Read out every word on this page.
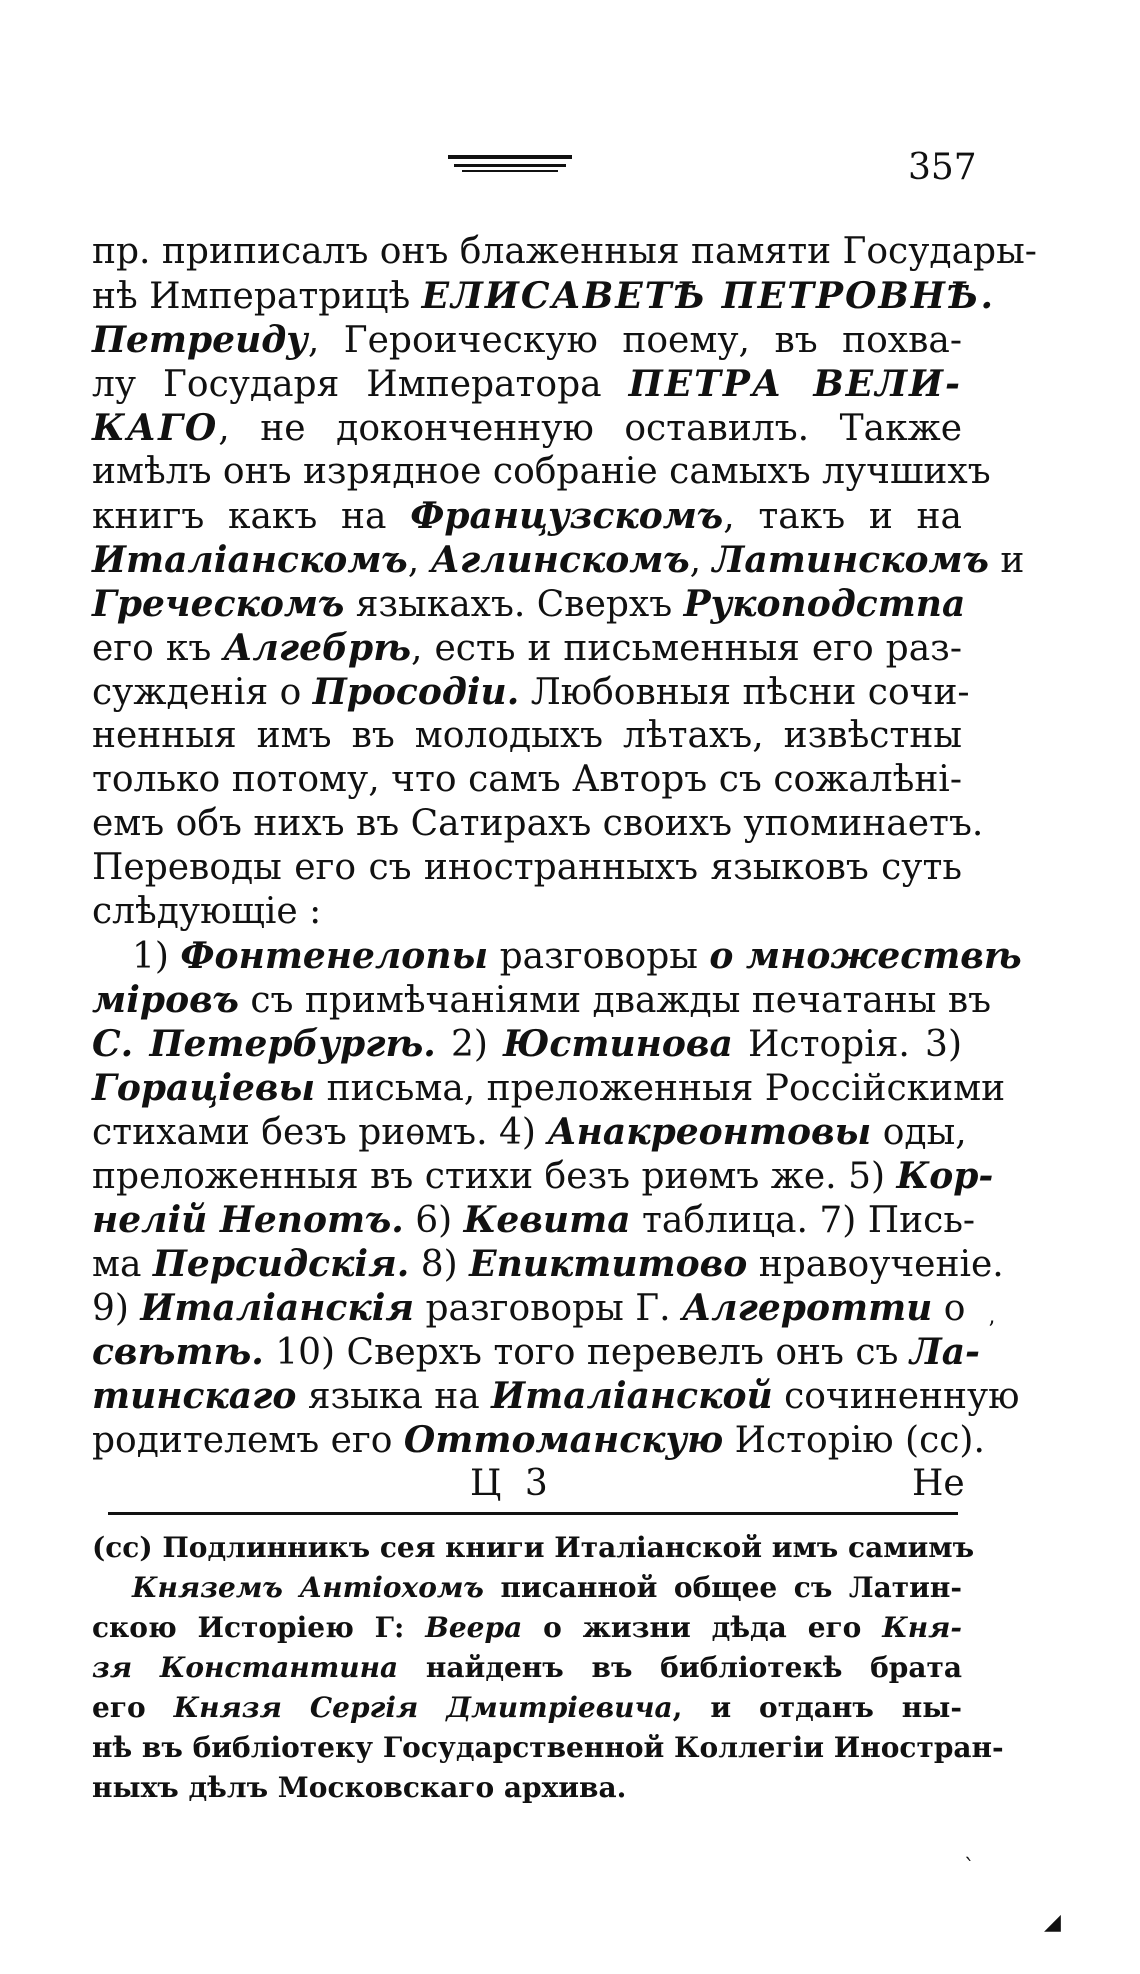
357
пр. приписалъ онъ блаженныя памяти Государы-
нѣ Императрицѣ ЕЛИСАВЕТѢ ПЕТРОВНѢ.
Петреиду, Героическую поему, въ похва-
лу Государя Императора ПЕТРА ВЕЛИ-
КАГО, не доконченную оставилъ. Также
имѣлъ онъ изрядное собраніе самыхъ лучшихъ
книгъ какъ на Французскомъ, такъ и на
Италіанскомъ, Аглинскомъ, Латинскомъ и
Греческомъ языкахъ. Сверхъ Рукоподстпа
его къ Алгебрѣ, есть и письменныя его раз-
сужденія о Просодіи. Любовныя пѣсни сочи-
ненныя имъ въ молодыхъ лѣтахъ, извѣстны
только потому, что самъ Авторъ съ сожалѣні-
емъ объ нихъ въ Сатирахъ своихъ упоминаетъ.
Переводы его съ иностранныхъ языковъ суть
слѣдующіе :
1) Фонтенелопы разговоры о множествѣ
міровъ съ примѣчаніями дважды печатаны въ
С. Петербургѣ. 2) Юстинова Исторія. 3)
Гораціевы письма, преложенныя Россійскими
стихами безъ риѳмъ. 4) Анакреонтовы оды,
преложенныя въ стихи безъ риѳмъ же. 5) Кор-
нелій Непотъ. 6) Кевита таблица. 7) Пись-
ма Персидскія. 8) Епиктитово нравоученіе.
9) Италіанскія разговоры Г. Алгеротти о
свѣтѣ. 10) Сверхъ того перевелъ онъ съ Ла-
тинскаго языка на Италіанской сочиненную
родителемъ его Оттоманскую Исторію (сс).
Ц 3	Не
(сс) Подлинникъ сея книги Италіанской имъ самимъ
Княземъ Антіохомъ писанной общее съ Латин-
скою Исторіею Г: Веера о жизни дѣда его Кня-
зя Константина найденъ въ библіотекѣ брата
его Князя Сергія Дмитріевича, и отданъ ны-
нѣ въ библіотеку Государственной Коллегіи Иностран-
ныхъ дѣлъ Московскаго архива.
’
`
◢
